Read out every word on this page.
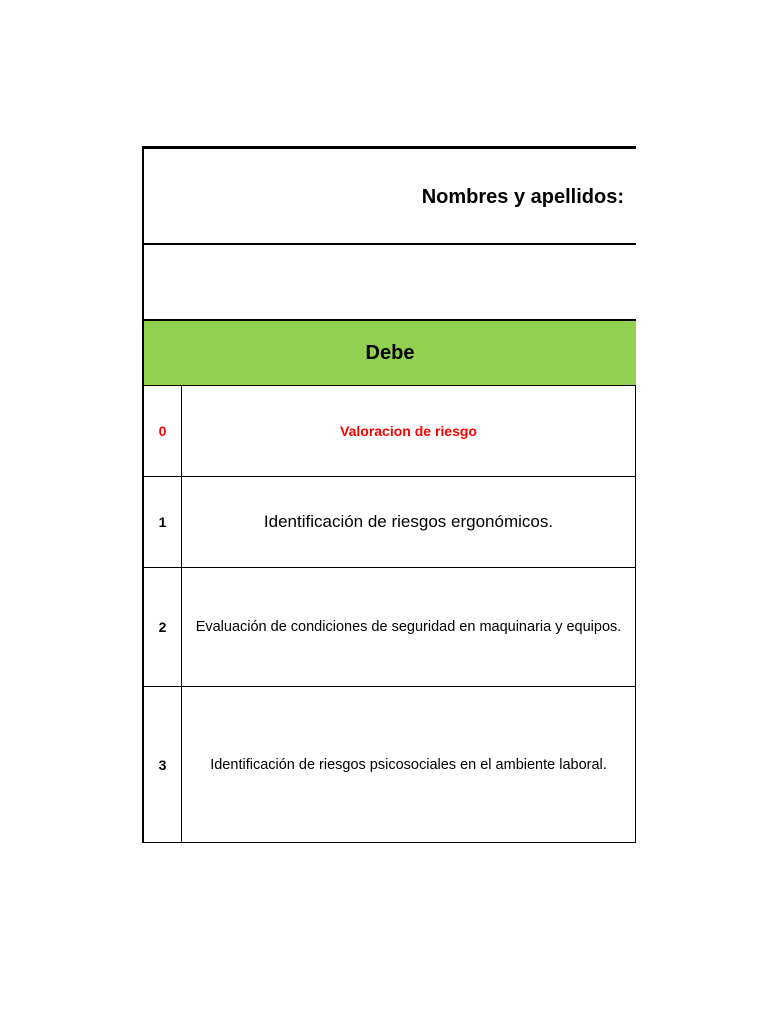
Nombres y apellidos:
Debe
0	Valoracion de riesgo
1	Identificación de riesgos ergonómicos.
2	Evaluación de condiciones de seguridad en maquinaria y equipos.
3	Identificación de riesgos psicosociales en el ambiente laboral.
